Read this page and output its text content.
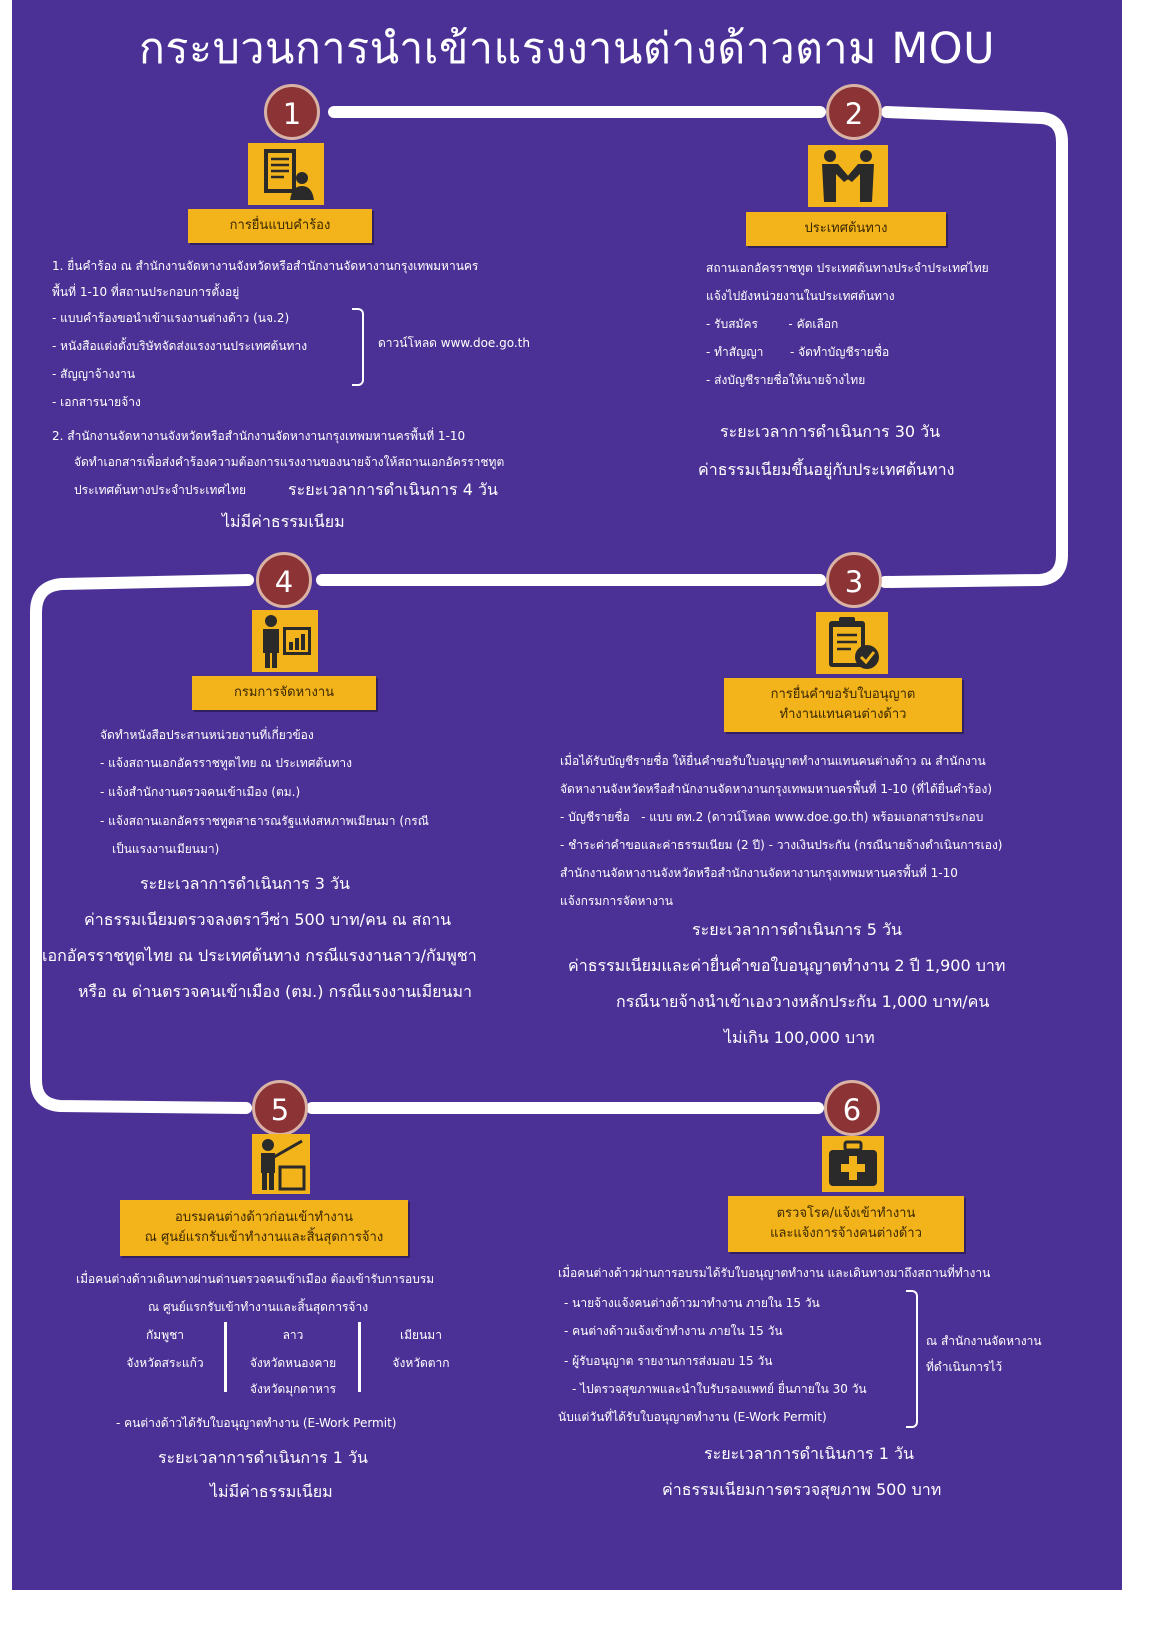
กระบวนการนำเข้าแรงงานต่างด้าวตาม MOU
1	2
3
4
5	6
การยื่นแบบคำร้อง
1. ยื่นคำร้อง ณ สำนักงานจัดหางานจังหวัดหรือสำนักงานจัดหางานกรุงเทพมหานคร
พื้นที่ 1-10 ที่สถานประกอบการตั้งอยู่
- แบบคำร้องขอนำเข้าแรงงานต่างด้าว (นจ.2)
- หนังสือแต่งตั้งบริษัทจัดส่งแรงงานประเทศต้นทาง
- สัญญาจ้างงาน
- เอกสารนายจ้าง
ดาวน์โหลด www.doe.go.th
2. สำนักงานจัดหางานจังหวัดหรือสำนักงานจัดหางานกรุงเทพมหานครพื้นที่ 1-10
จัดทำเอกสารเพื่อส่งคำร้องความต้องการแรงงานของนายจ้างให้สถานเอกอัครราชทูต
ประเทศต้นทางประจำประเทศไทย	ระยะเวลาการดำเนินการ 4 วัน
ไม่มีค่าธรรมเนียม
ประเทศต้นทาง
สถานเอกอัครราชทูต ประเทศต้นทางประจำประเทศไทย
แจ้งไปยังหน่วยงานในประเทศต้นทาง
- รับสมัคร        - คัดเลือก
- ทำสัญญา       - จัดทำบัญชีรายชื่อ
- ส่งบัญชีรายชื่อให้นายจ้างไทย
ระยะเวลาการดำเนินการ 30 วัน
ค่าธรรมเนียมขึ้นอยู่กับประเทศต้นทาง
กรมการจัดหางาน
จัดทำหนังสือประสานหน่วยงานที่เกี่ยวข้อง
- แจ้งสถานเอกอัครราชทูตไทย ณ ประเทศต้นทาง
- แจ้งสำนักงานตรวจคนเข้าเมือง (ตม.)
- แจ้งสถานเอกอัครราชทูตสาธารณรัฐแห่งสหภาพเมียนมา (กรณี
เป็นแรงงานเมียนมา)
ระยะเวลาการดำเนินการ 3 วัน
ค่าธรรมเนียมตรวจลงตราวีซ่า 500 บาท/คน ณ สถาน
เอกอัครราชทูตไทย ณ ประเทศต้นทาง กรณีแรงงานลาว/กัมพูชา
หรือ ณ ด่านตรวจคนเข้าเมือง (ตม.) กรณีแรงงานเมียนมา
การยื่นคำขอรับใบอนุญาต
ทำงานแทนคนต่างด้าว
เมื่อได้รับบัญชีรายชื่อ ให้ยื่นคำขอรับใบอนุญาตทำงานแทนคนต่างด้าว ณ สำนักงาน
จัดหางานจังหวัดหรือสำนักงานจัดหางานกรุงเทพมหานครพื้นที่ 1-10 (ที่ได้ยื่นคำร้อง)
- บัญชีรายชื่อ   - แบบ ตท.2 (ดาวน์โหลด www.doe.go.th) พร้อมเอกสารประกอบ
- ชำระค่าคำขอและค่าธรรมเนียม (2 ปี) - วางเงินประกัน (กรณีนายจ้างดำเนินการเอง)
สำนักงานจัดหางานจังหวัดหรือสำนักงานจัดหางานกรุงเทพมหานครพื้นที่ 1-10
แจ้งกรมการจัดหางาน
ระยะเวลาการดำเนินการ 5 วัน
ค่าธรรมเนียมและค่ายื่นคำขอใบอนุญาตทำงาน 2 ปี 1,900 บาท
กรณีนายจ้างนำเข้าเองวางหลักประกัน 1,000 บาท/คน
ไม่เกิน 100,000 บาท
อบรมคนต่างด้าวก่อนเข้าทำงาน
ณ ศูนย์แรกรับเข้าทำงานและสิ้นสุดการจ้าง
เมื่อคนต่างด้าวเดินทางผ่านด่านตรวจคนเข้าเมือง ต้องเข้ารับการอบรม
ณ ศูนย์แรกรับเข้าทำงานและสิ้นสุดการจ้าง
กัมพูชา
จังหวัดสระแก้ว
ลาว
จังหวัดหนองคาย
จังหวัดมุกดาหาร
เมียนมา
จังหวัดตาก
- คนต่างด้าวได้รับใบอนุญาตทำงาน (E-Work Permit)
ระยะเวลาการดำเนินการ 1 วัน
ไม่มีค่าธรรมเนียม
ตรวจโรค/แจ้งเข้าทำงาน
และแจ้งการจ้างคนต่างด้าว
เมื่อคนต่างด้าวผ่านการอบรมได้รับใบอนุญาตทำงาน และเดินทางมาถึงสถานที่ทำงาน
- นายจ้างแจ้งคนต่างด้าวมาทำงาน ภายใน 15 วัน
- คนต่างด้าวแจ้งเข้าทำงาน ภายใน 15 วัน
- ผู้รับอนุญาต รายงานการส่งมอบ 15 วัน
- ไปตรวจสุขภาพและนำใบรับรองแพทย์ ยื่นภายใน 30 วัน
นับแต่วันที่ได้รับใบอนุญาตทำงาน (E-Work Permit)
ณ สำนักงานจัดหางาน
ที่ดำเนินการไว้
ระยะเวลาการดำเนินการ 1 วัน
ค่าธรรมเนียมการตรวจสุขภาพ 500 บาท
